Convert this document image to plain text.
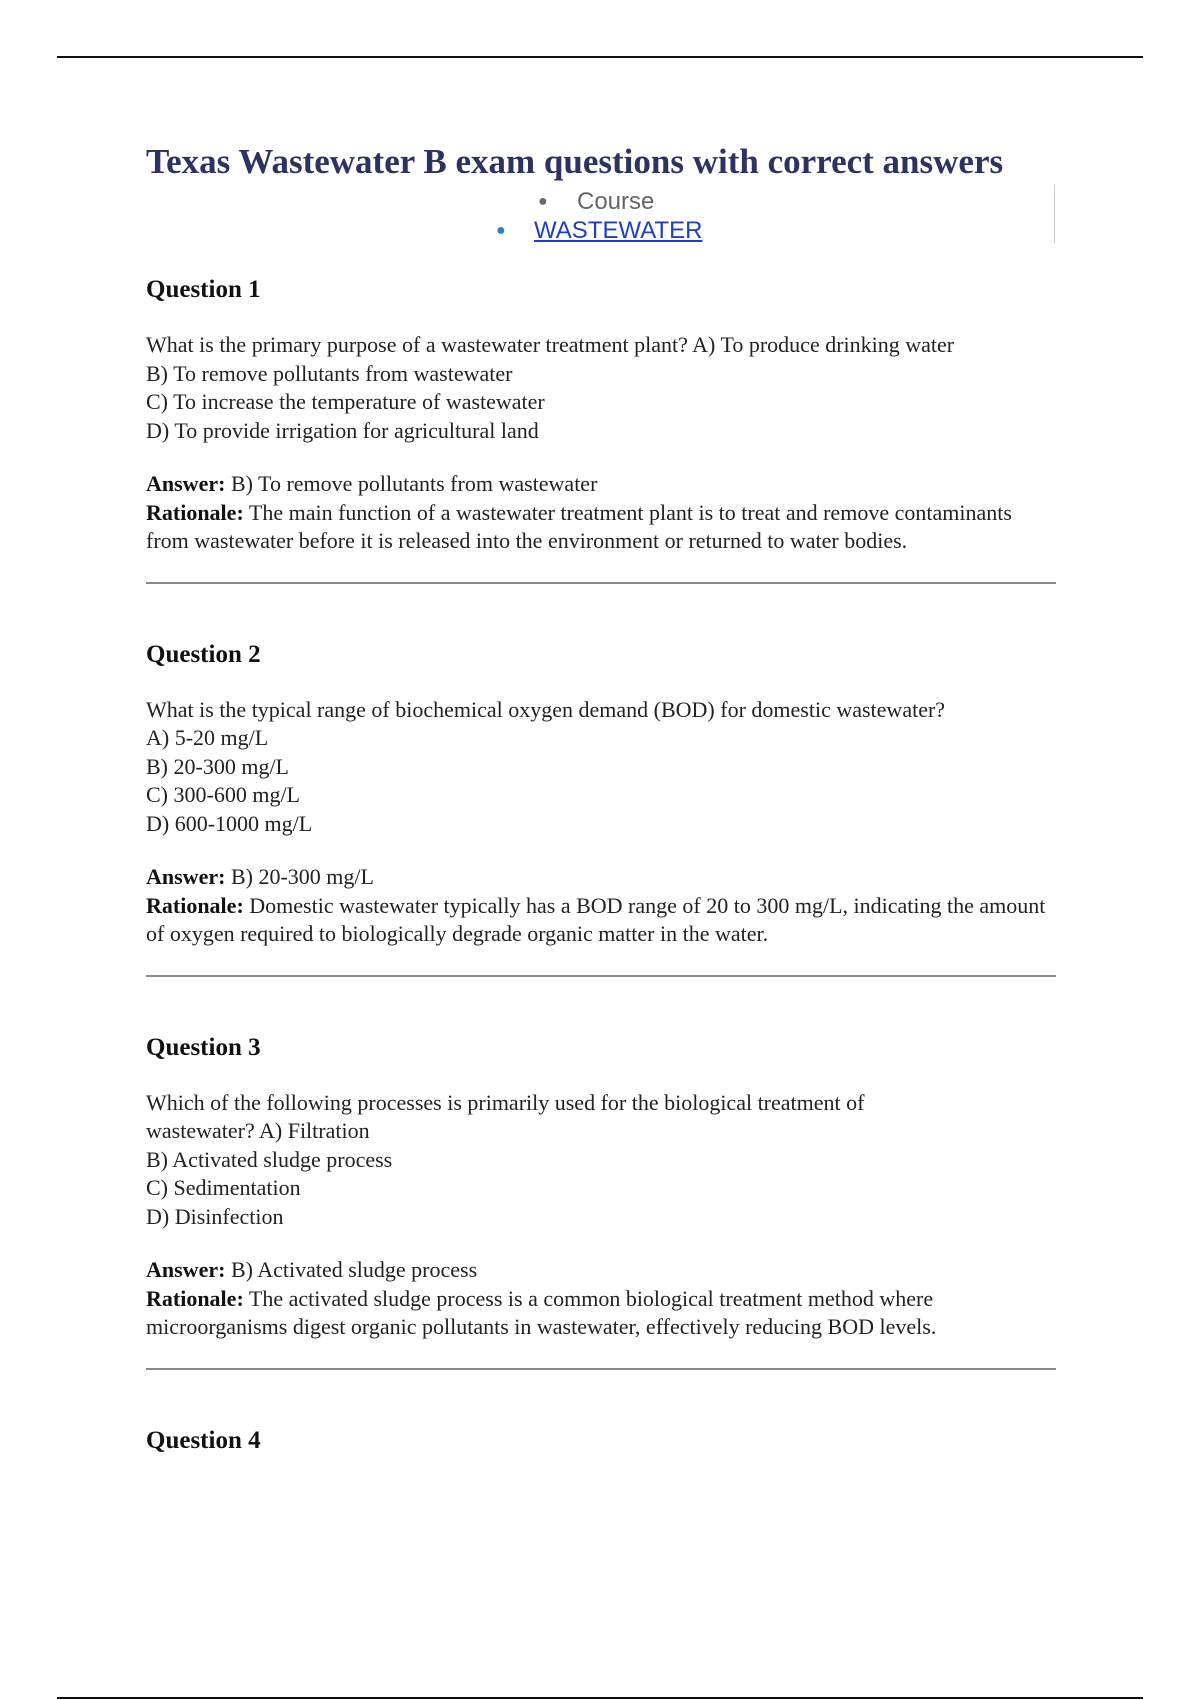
Texas Wastewater B exam questions with correct answers
● Course
● WASTEWATER
Question 1
What is the primary purpose of a wastewater treatment plant? A) To produce drinking water
B) To remove pollutants from wastewater
C) To increase the temperature of wastewater
D) To provide irrigation for agricultural land
Answer: B) To remove pollutants from wastewater
Rationale: The main function of a wastewater treatment plant is to treat and remove contaminants from wastewater before it is released into the environment or returned to water bodies.
Question 2
What is the typical range of biochemical oxygen demand (BOD) for domestic wastewater?
A) 5-20 mg/L
B) 20-300 mg/L
C) 300-600 mg/L
D) 600-1000 mg/L
Answer: B) 20-300 mg/L
Rationale: Domestic wastewater typically has a BOD range of 20 to 300 mg/L, indicating the amount of oxygen required to biologically degrade organic matter in the water.
Question 3
Which of the following processes is primarily used for the biological treatment of
wastewater? A) Filtration
B) Activated sludge process
C) Sedimentation
D) Disinfection
Answer: B) Activated sludge process
Rationale: The activated sludge process is a common biological treatment method where microorganisms digest organic pollutants in wastewater, effectively reducing BOD levels.
Question 4
